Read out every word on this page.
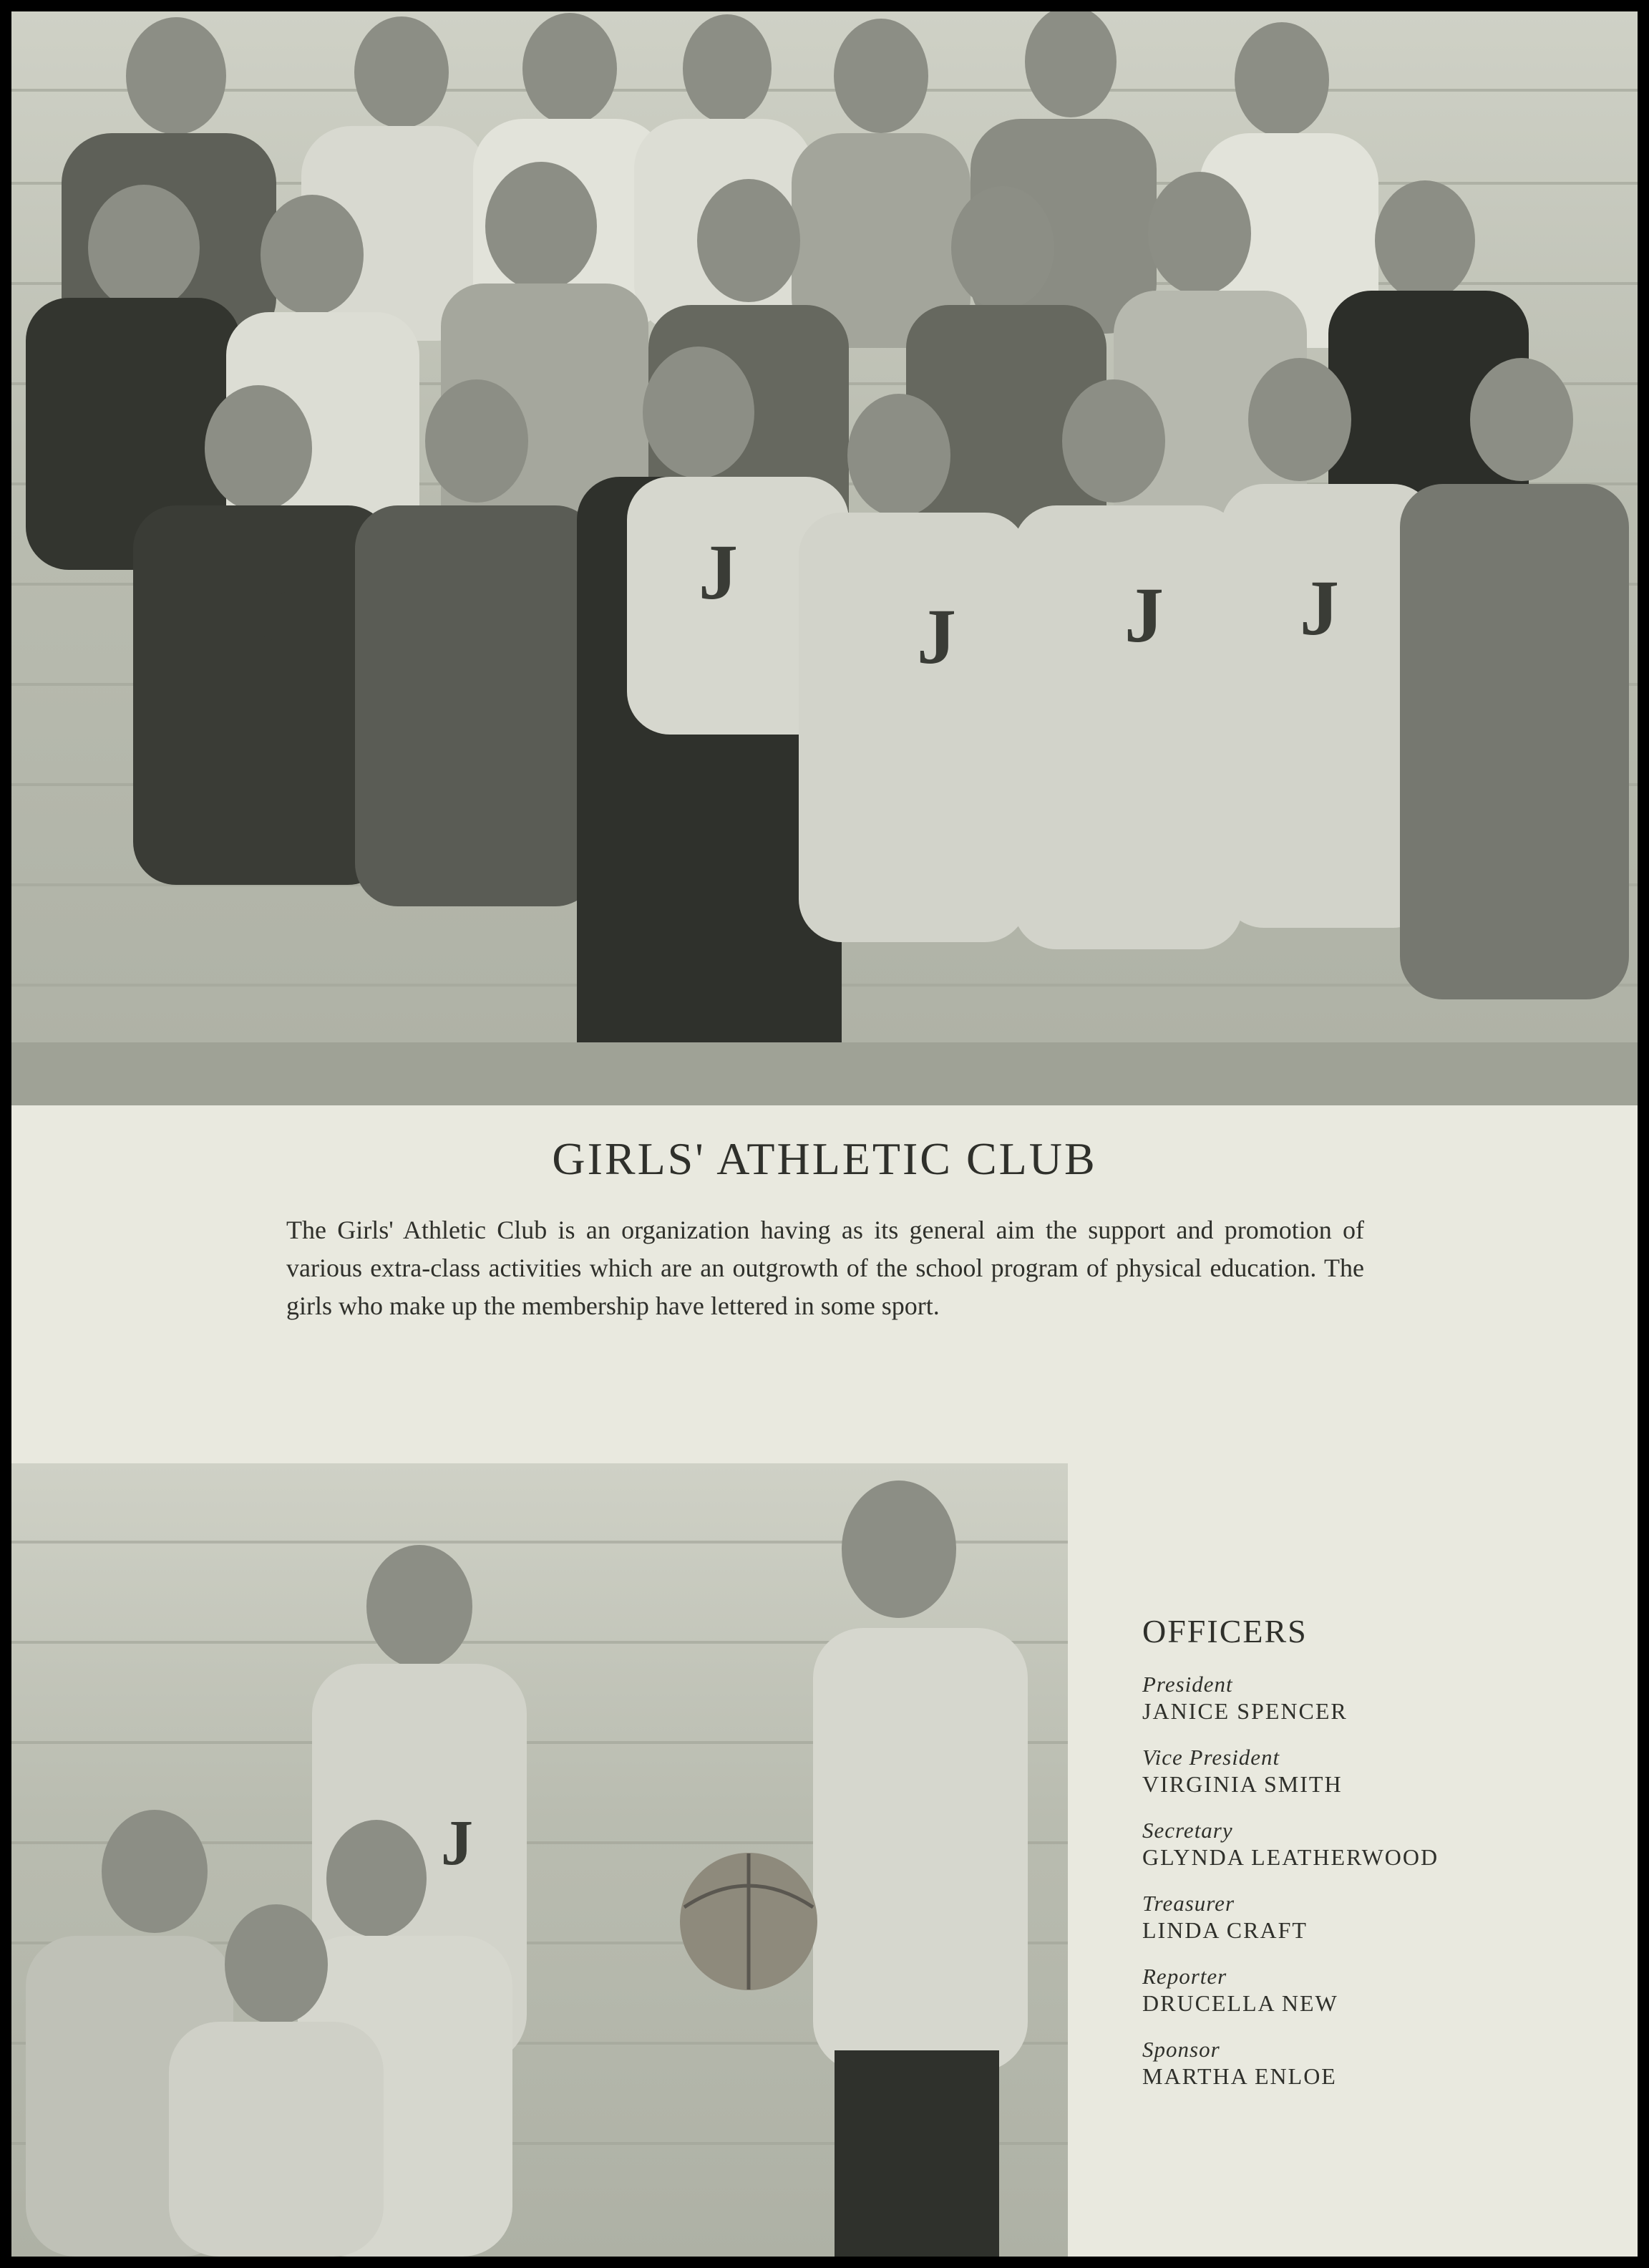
J	J
J J J
GIRLS' ATHLETIC CLUB

The Girls' Athletic Club is an organization having as its general aim the support and promotion of various extra-class activities which are an outgrowth of the school program of physical education. The girls who make up the membership have lettered in some sport.

J
OFFICERS
President
JANICE SPENCER
Vice President
VIRGINIA SMITH
Secretary
GLYNDA LEATHERWOOD
Treasurer
LINDA CRAFT
Reporter
DRUCELLA NEW
Sponsor
MARTHA ENLOE
